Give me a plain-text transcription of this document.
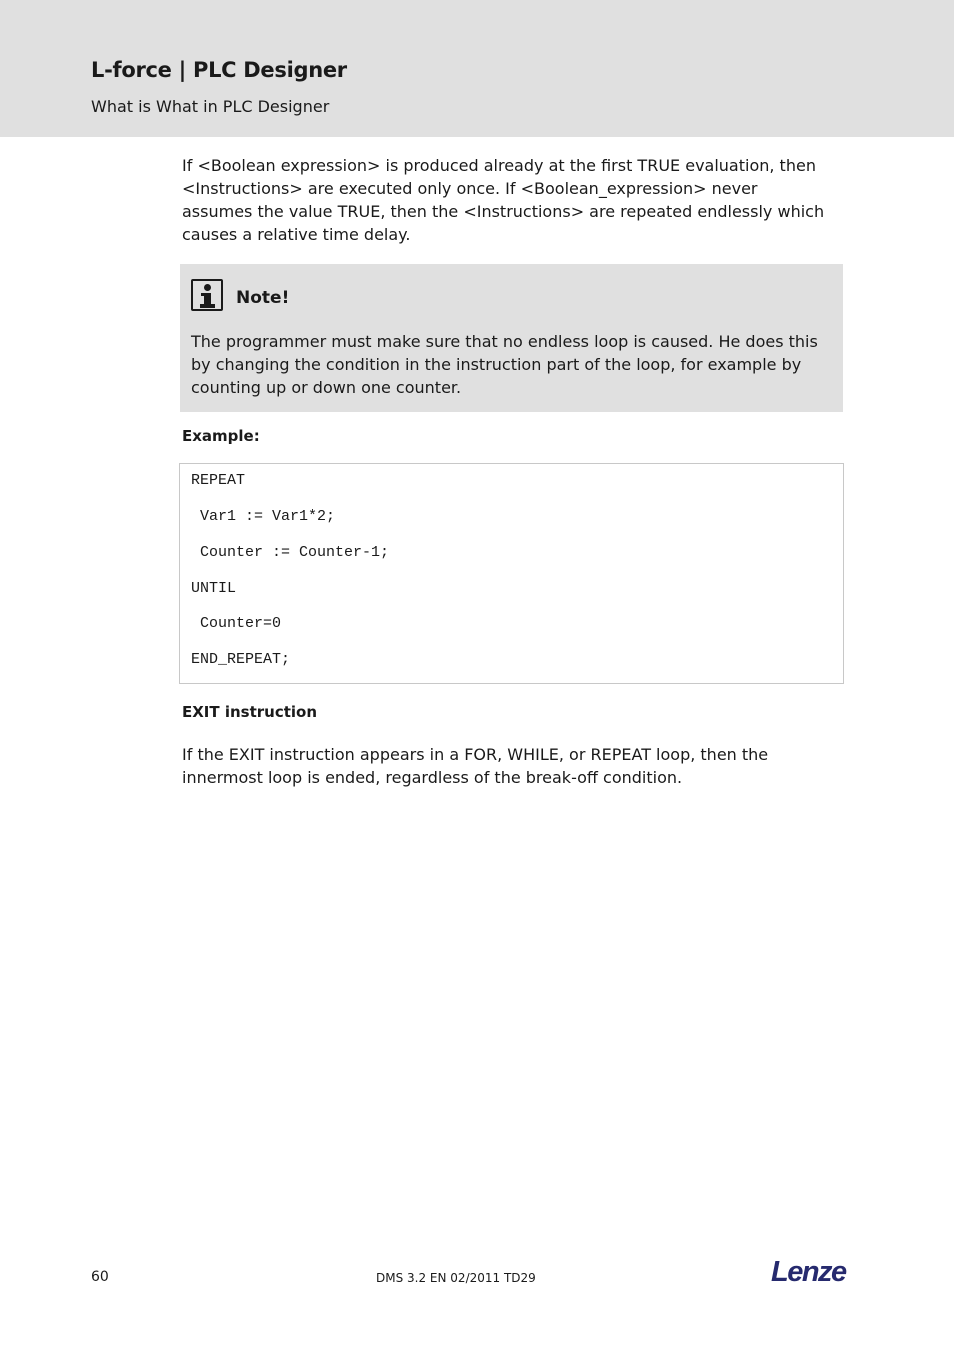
L-force | PLC Designer
What is What in PLC Designer

If <Boolean expression> is produced already at the first TRUE evaluation, then <Instructions> are executed only once. If <Boolean_expression> never assumes the value TRUE, then the <Instructions> are repeated endlessly which causes a relative time delay.

Note!

The programmer must make sure that no endless loop is caused. He does this by changing the condition in the instruction part of the loop, for example by counting up or down one counter.

Example:
REPEAT
Var1 := Var1*2;
Counter := Counter-1;
UNTIL
Counter=0
END_REPEAT;
EXIT instruction

If the EXIT instruction appears in a FOR, WHILE, or REPEAT loop, then the innermost loop is ended, regardless of the break-off condition.

60	DMS 3.2 EN 02/2011 TD29	Lenze
